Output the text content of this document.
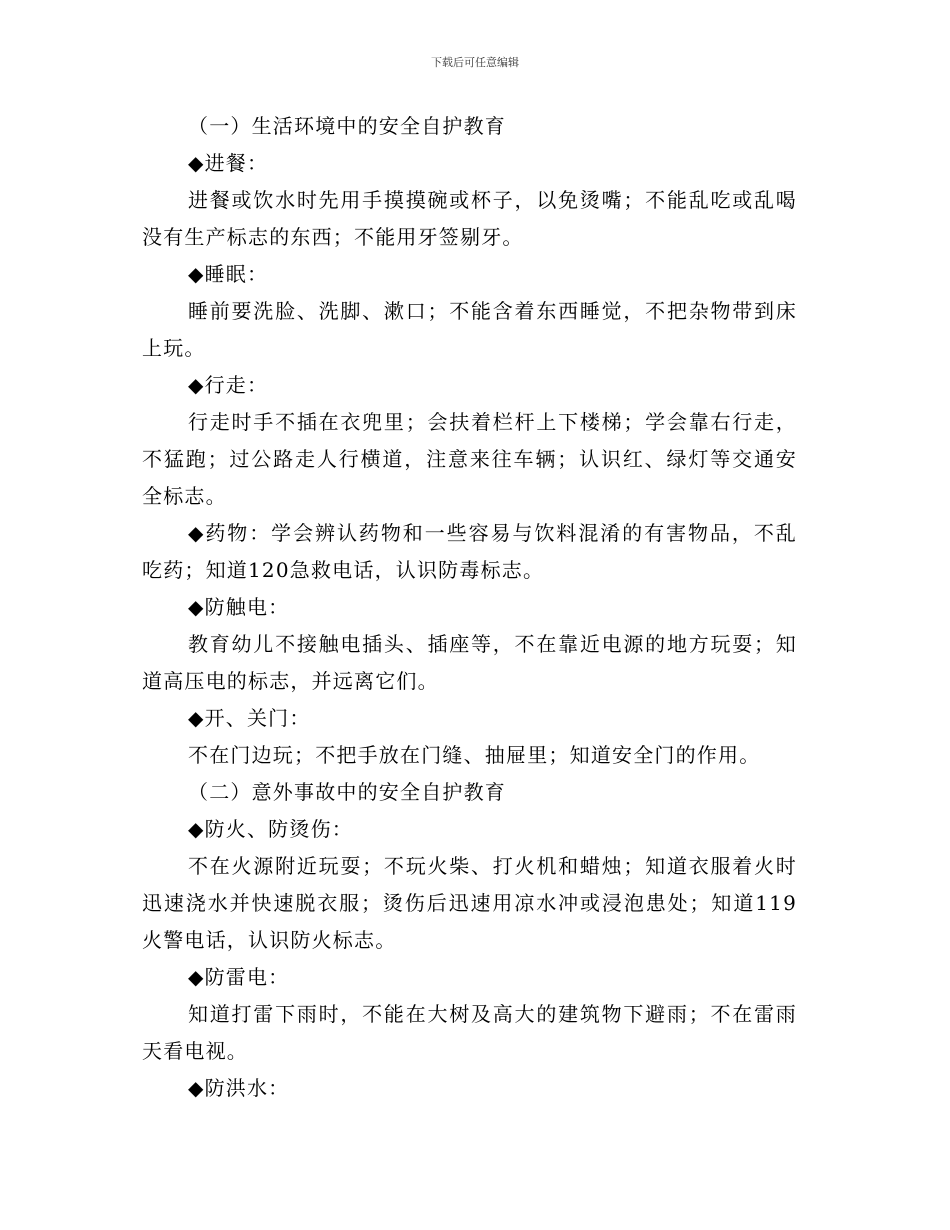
下载后可任意编辑

（一）生活环境中的安全自护教育

◆进餐：

进餐或饮水时先用手摸摸碗或杯子，以免烫嘴；不能乱吃或乱喝没有生产标志的东西；不能用牙签剔牙。

◆睡眠：

睡前要洗脸、洗脚、漱口；不能含着东西睡觉，不把杂物带到床上玩。

◆行走：

行走时手不插在衣兜里；会扶着栏杆上下楼梯；学会靠右行走，不猛跑；过公路走人行横道，注意来往车辆；认识红、绿灯等交通安全标志。

◆药物：学会辨认药物和一些容易与饮料混淆的有害物品，不乱吃药；知道120急救电话，认识防毒标志。

◆防触电：

教育幼儿不接触电插头、插座等，不在靠近电源的地方玩耍；知道高压电的标志，并远离它们。

◆开、关门：

不在门边玩；不把手放在门缝、抽屉里；知道安全门的作用。

（二）意外事故中的安全自护教育

◆防火、防烫伤：

不在火源附近玩耍；不玩火柴、打火机和蜡烛；知道衣服着火时迅速浇水并快速脱衣服；烫伤后迅速用凉水冲或浸泡患处；知道119火警电话，认识防火标志。

◆防雷电：

知道打雷下雨时，不能在大树及高大的建筑物下避雨；不在雷雨天看电视。

◆防洪水：
